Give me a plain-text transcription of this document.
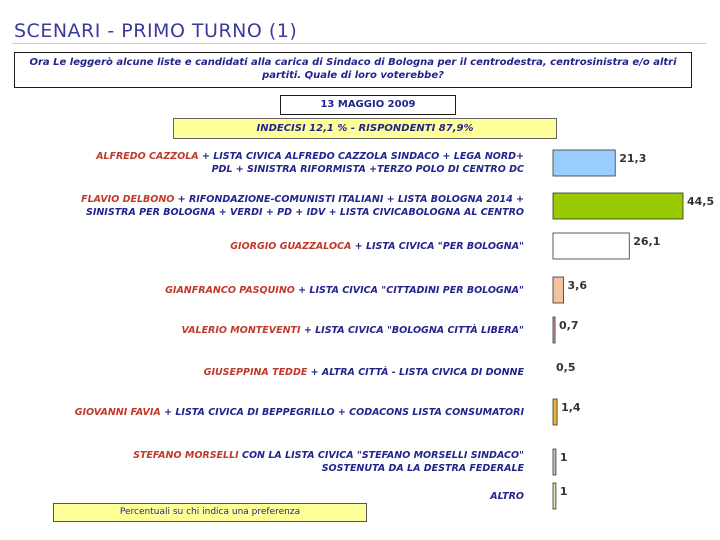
SCENARI - PRIMO TURNO (1)
Ora Le leggerò alcune liste e candidati alla carica di Sindaco di Bologna per il centrodestra, centrosinistra e/o altri partiti. Quale di loro voterebbe?
13 MAGGIO 2009
INDECISI 12,1 % - RISPONDENTI 87,9%
ALFREDO CAZZOLA + LISTA CIVICA ALFREDO CAZZOLA SINDACO + LEGA NORD+
PDL + SINISTRA RIFORMISTA +TERZO POLO DI CENTRO DC
FLAVIO DELBONO + RIFONDAZIONE-COMUNISTI ITALIANI + LISTA BOLOGNA 2014 +
SINISTRA PER BOLOGNA + VERDI + PD + IDV + LISTA CIVICABOLOGNA AL CENTRO
GIORGIO GUAZZALOCA + LISTA CIVICA "PER BOLOGNA"
GIANFRANCO PASQUINO + LISTA CIVICA "CITTADINI PER BOLOGNA"
VALERIO MONTEVENTI + LISTA CIVICA "BOLOGNA CITTÀ LIBERA"
GIUSEPPINA TEDDE + ALTRA CITTÀ - LISTA CIVICA DI DONNE
GIOVANNI FAVIA + LISTA CIVICA DI BEPPEGRILLO + CODACONS LISTA CONSUMATORI
STEFANO MORSELLI CON LA LISTA CIVICA "STEFANO MORSELLI SINDACO"
SOSTENUTA DA LA DESTRA FEDERALE
ALTRO
21,3
44,5
26,1
3,6
0,7
0,5
1,4
1
1
Percentuali su chi indica una preferenza
